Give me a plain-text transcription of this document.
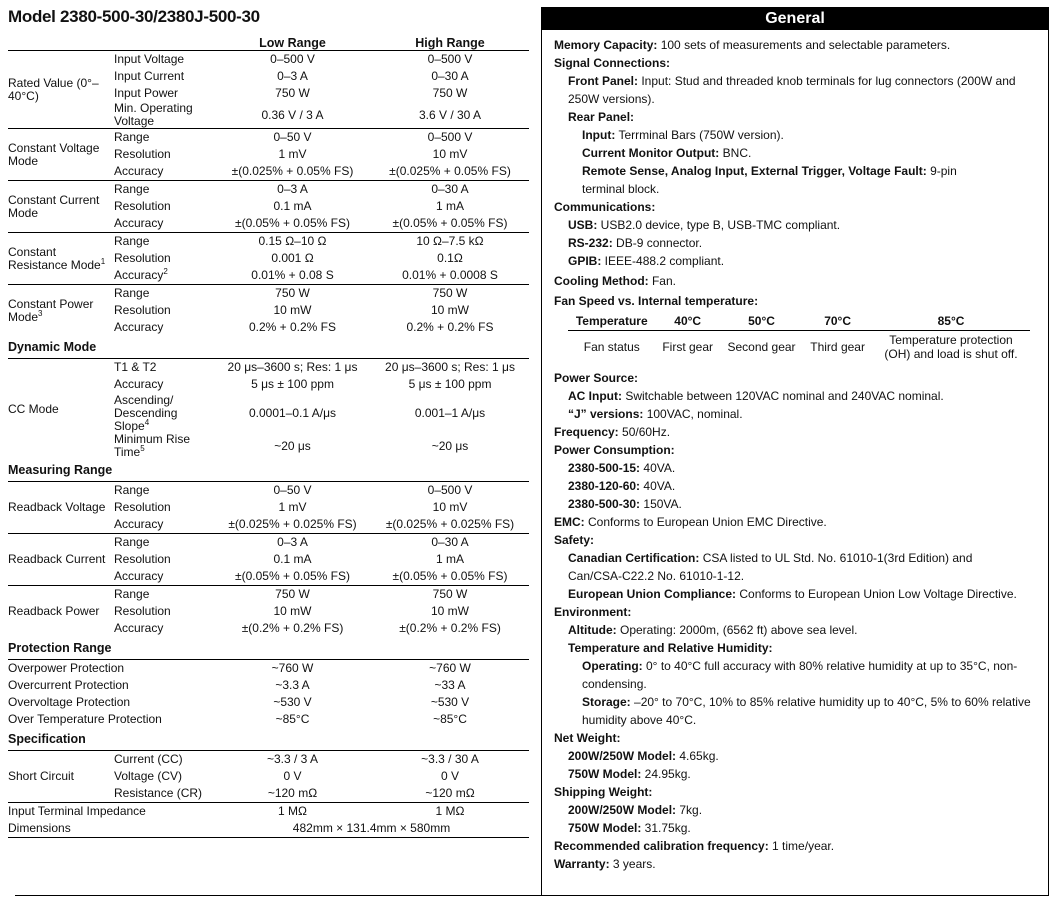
Model 2380-500-30/2380J-500-30
		Low Range	High Range
Rated Value (0°–40°C)	Input Voltage	0–500 V	0–500 V
	Input Current	0–3 A	0–30 A
	Input Power	750 W	750 W
	Min. Operating Voltage	0.36 V / 3 A	3.6 V / 30 A
Constant Voltage Mode	Range	0–50 V	0–500 V
	Resolution	1 mV	10 mV
	Accuracy	±(0.025% + 0.05% FS)	±(0.025% + 0.05% FS)
Constant Current Mode	Range	0–3 A	0–30 A
	Resolution	0.1 mA	1 mA
	Accuracy	±(0.05% + 0.05% FS)	±(0.05% + 0.05% FS)
Constant Resistance Mode$^1$	Range	0.15 Ω–10 Ω	10 Ω–7.5 kΩ
	Resolution	0.001 Ω	0.1Ω
	Accuracy$^2$	0.01% + 0.08 S	0.01% + 0.0008 S
Constant Power Mode$^3$	Range	750 W	750 W
	Resolution	10 mW	10 mW
	Accuracy	0.2% + 0.2% FS	0.2% + 0.2% FS
Dynamic Mode			
CC Mode	T1 & T2	20 μs–3600 s; Res: 1 μs	20 μs–3600 s; Res: 1 μs
	Accuracy	5 μs ± 100 ppm	5 μs ± 100 ppm
	Ascending/ Descending Slope$^4$	0.0001–0.1 A/μs	0.001–1 A/μs
	Minimum Rise Time$^5$	~20 μs	~20 μs
Measuring Range			
Readback Voltage	Range	0–50 V	0–500 V
	Resolution	1 mV	10 mV
	Accuracy	±(0.025% + 0.025% FS)	±(0.025% + 0.025% FS)
Readback Current	Range	0–3 A	0–30 A
	Resolution	0.1 mA	1 mA
	Accuracy	±(0.05% + 0.05% FS)	±(0.05% + 0.05% FS)
Readback Power	Range	750 W	750 W
	Resolution	10 mW	10 mW
	Accuracy	±(0.2% + 0.2% FS)	±(0.2% + 0.2% FS)
Protection Range			
Overpower Protection		~760 W	~760 W
Overcurrent Protection		~3.3 A	~33 A
Overvoltage Protection		~530 V	~530 V
Over Temperature Protection		~85°C	~85°C
Specification			
Short Circuit	Current (CC)	~3.3 / 3 A	~3.3 / 30 A
	Voltage (CV)	0 V	0 V
	Resistance (CR)	~120 mΩ	~120 mΩ
Input Terminal Impedance		1 MΩ	1 MΩ
Dimensions		482mm × 131.4mm × 580mm	
General
Memory Capacity: 100 sets of measurements and selectable parameters.
Signal Connections:
Front Panel: Input: Stud and threaded knob terminals for lug connectors (200W and 250W versions).
Rear Panel:
Input: Terrminal Bars (750W version).
Current Monitor Output: BNC.
Remote Sense, Analog Input, External Trigger, Voltage Fault: 9-pin terminal block.
Communications:
USB: USB2.0 device, type B, USB-TMC compliant.
RS-232: DB-9 connector.
GPIB: IEEE-488.2 compliant.
Cooling Method: Fan.
Fan Speed vs. Internal temperature:
Temperature	40°C	50°C	70°C	85°C
Fan status	First gear	Second gear	Third gear	Temperature protection (OH) and load is shut off.
Power Source:
AC Input: Switchable between 120VAC nominal and 240VAC nominal.
“J” versions: 100VAC, nominal.
Frequency: 50/60Hz.
Power Consumption:
2380-500-15: 40VA.
2380-120-60: 40VA.
2380-500-30: 150VA.
EMC: Conforms to European Union EMC Directive.
Safety:
Canadian Certification: CSA listed to UL Std. No. 61010-1(3rd Edition) and Can/CSA-C22.2 No. 61010-1-12.
European Union Compliance: Conforms to European Union Low Voltage Directive.
Environment:
Altitude: Operating: 2000m, (6562 ft) above sea level.
Temperature and Relative Humidity:
Operating: 0° to 40°C full accuracy with 80% relative humidity at up to 35°C, non-condensing.
Storage: –20° to 70°C, 10% to 85% relative humidity up to 40°C, 5% to 60% relative humidity above 40°C.
Net Weight:
200W/250W Model: 4.65kg.
750W Model: 24.95kg.
Shipping Weight:
200W/250W Model: 7kg.
750W Model: 31.75kg.
Recommended calibration frequency: 1 time/year.
Warranty: 3 years.
